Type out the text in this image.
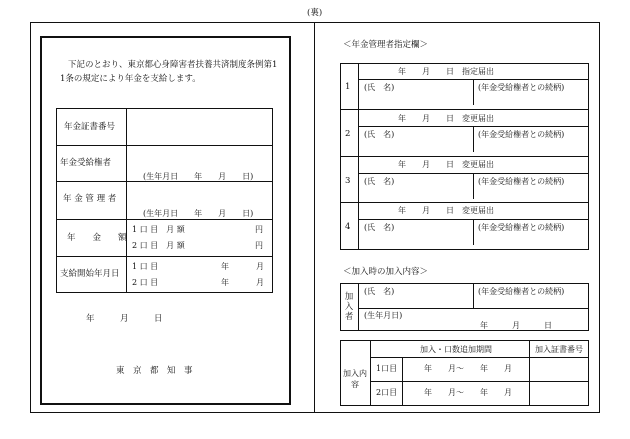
(裏)
下記のとおり、東京都心身障害者扶養共済制度条例第1
1条の規定により年金を支給します。
年金証書番号
年金受給権者
(生年月日　　年　　月　　日)
年 金 管 理 者
(生年月日　　年　　月　　日)
年　　金　　額
1 口 目　月 額	円
2 口 目　月 額	円
支給開始年月日
1 口 目	年	月
2 口 目	年	月
年　　　月　　　日
東　京　都　知　事
＜年金管理者指定欄＞
1
年　　月　　日　指定届出
(氏　名)	(年金受給権者との続柄)
2
年　　月　　日　変更届出
(氏　名)	(年金受給権者との続柄)
3
年　　月　　日　変更届出
(氏　名)	(年金受給権者との続柄)
4
年　　月　　日　変更届出
(氏　名)	(年金受給権者との続柄)
＜加入時の加入内容＞
加入者
(氏　名)	(年金受給権者との続柄)
(生年月日)
年　　　月　　　日
加入・口数追加期間	加入証書番号
加入内容
1口目	年　　月〜　　年　　月
2口目	年　　月〜　　年　　月
